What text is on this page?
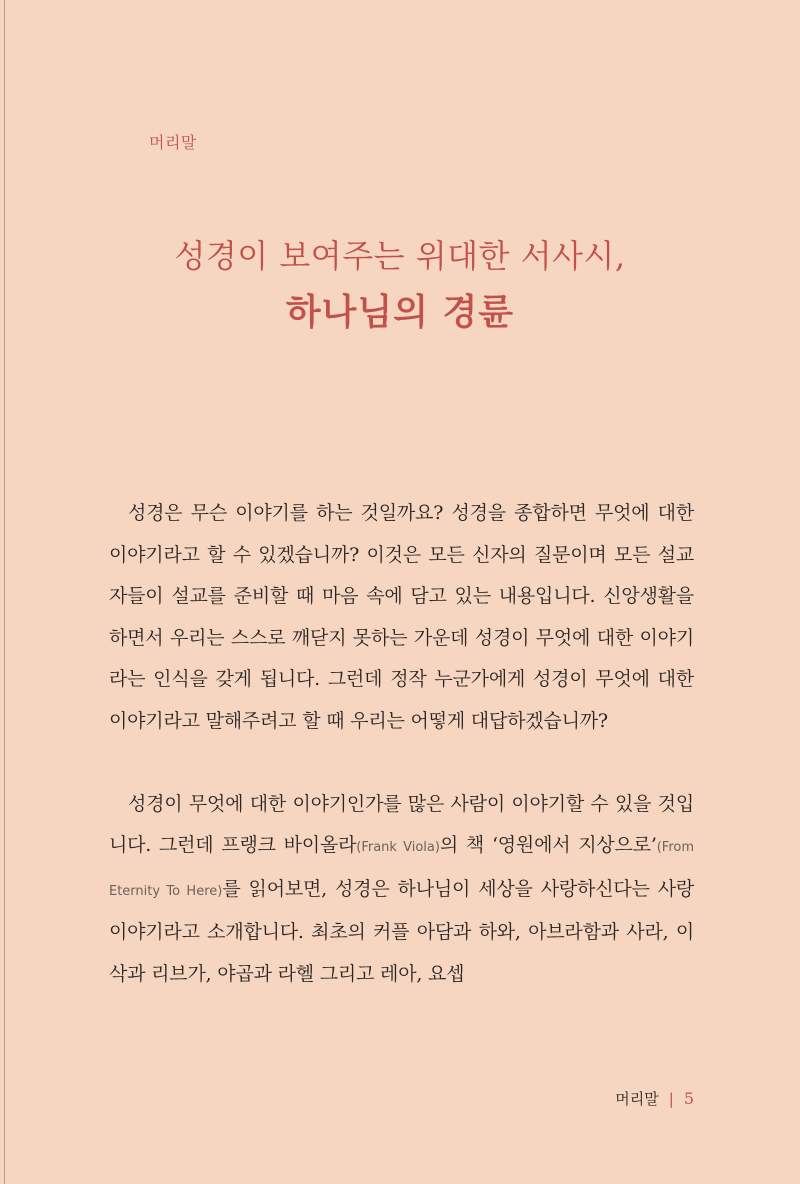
머리말
성경이 보여주는 위대한 서사시,
하나님의 경륜

성경은 무슨 이야기를 하는 것일까요? 성경을 종합하면 무엇에 대한 이야기라고 할 수 있겠습니까? 이것은 모든 신자의 질문이며 모든 설교자들이 설교를 준비할 때 마음 속에 담고 있는 내용입니다. 신앙생활을 하면서 우리는 스스로 깨닫지 못하는 가운데 성경이 무엇에 대한 이야기라는 인식을 갖게 됩니다. 그런데 정작 누군가에게 성경이 무엇에 대한 이야기라고 말해주려고 할 때 우리는 어떻게 대답하겠습니까?

성경이 무엇에 대한 이야기인가를 많은 사람이 이야기할 수 있을 것입니다. 그런데 프랭크 바이올라(Frank Viola)의 책 ‘영원에서 지상으로’(From Eternity To Here)를 읽어보면, 성경은 하나님이 세상을 사랑하신다는 사랑 이야기라고 소개합니다. 최초의 커플 아담과 하와, 아브라함과 사라, 이삭과 리브가, 야곱과 라헬 그리고 레아, 요셉

머리말 | 5
